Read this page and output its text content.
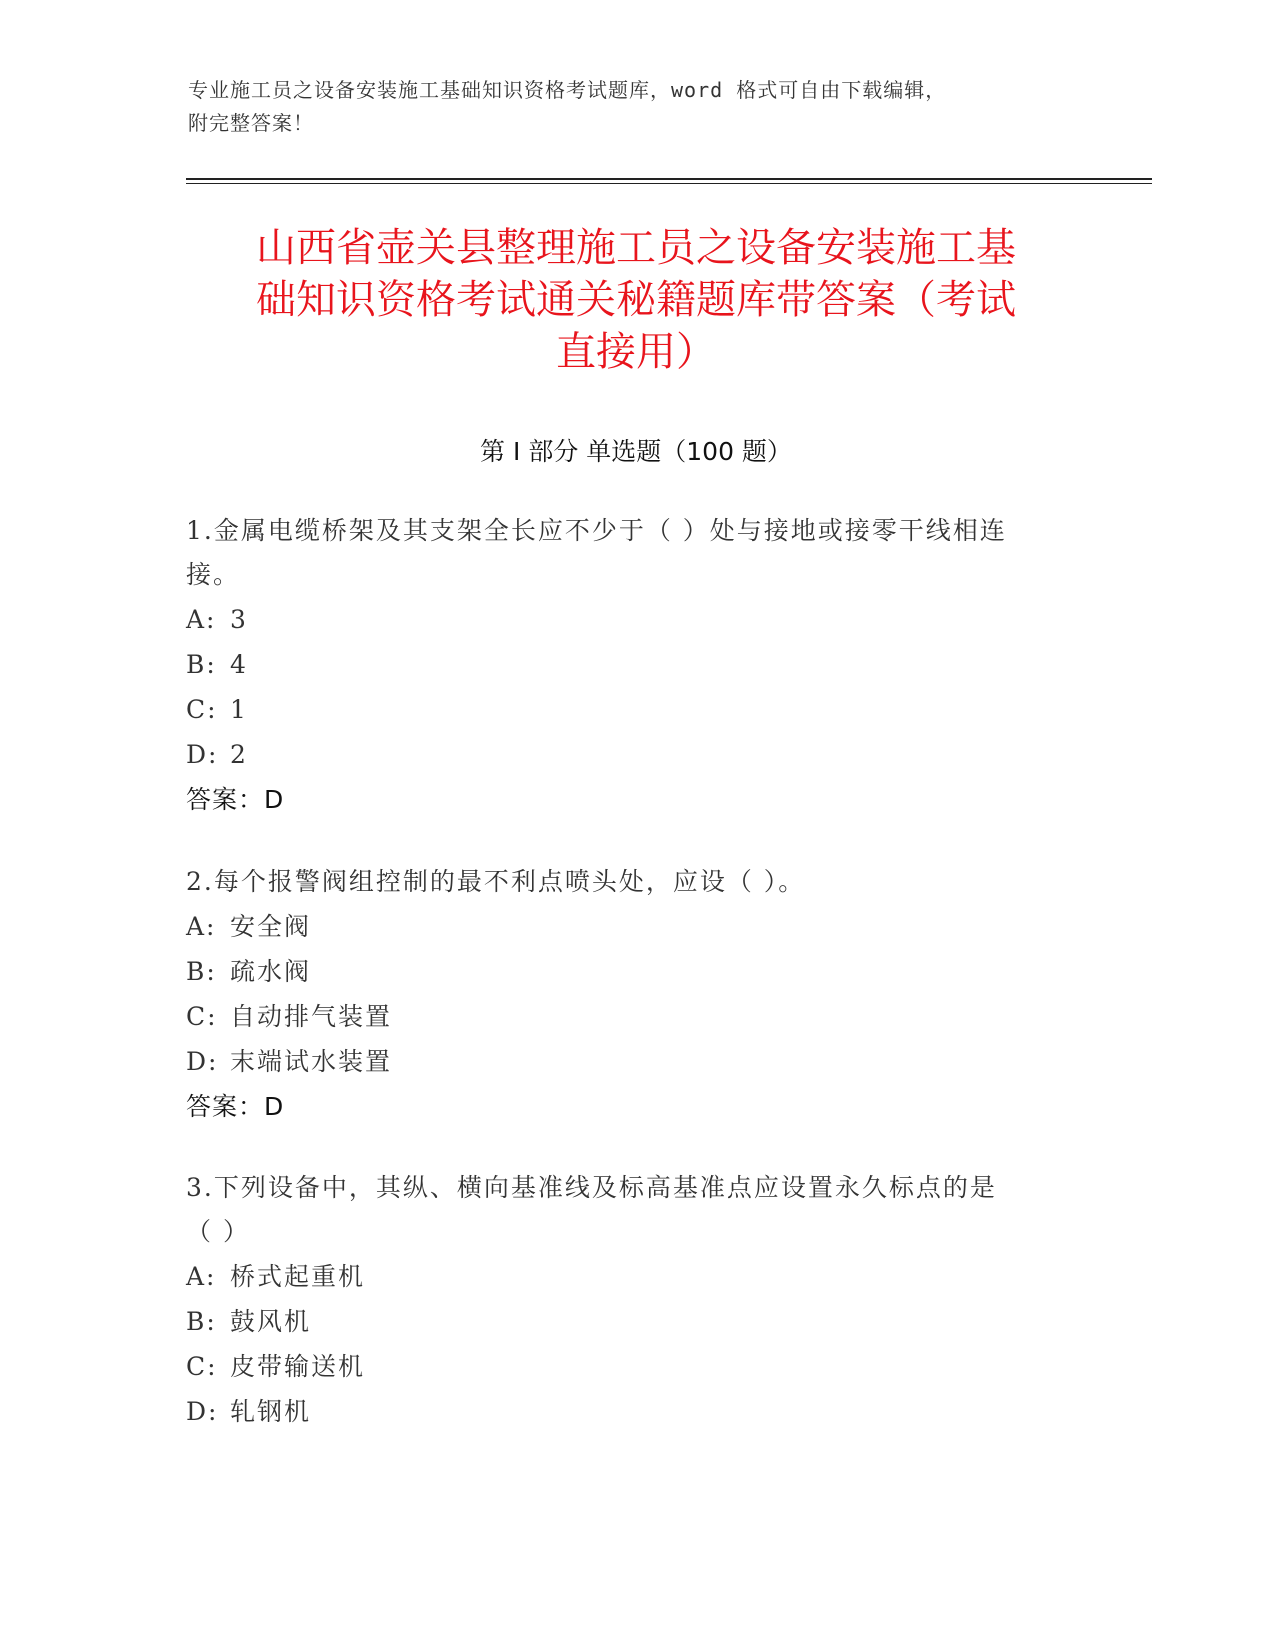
专业施工员之设备安装施工基础知识资格考试题库，word 格式可自由下载编辑，
附完整答案！
山西省壶关县整理施工员之设备安装施工基
础知识资格考试通关秘籍题库带答案（考试
直接用）
第 I 部分 单选题（100 题）
1.金属电缆桥架及其支架全长应不少于（ ）处与接地或接零干线相连
接。
A: 3
B: 4
C: 1
D: 2
答案：D
2.每个报警阀组控制的最不利点喷头处，应设（ ）。
A: 安全阀
B: 疏水阀
C: 自动排气装置
D: 末端试水装置
答案：D
3.下列设备中，其纵、横向基准线及标高基准点应设置永久标点的是
（ ）
A: 桥式起重机
B: 鼓风机
C: 皮带输送机
D: 轧钢机
